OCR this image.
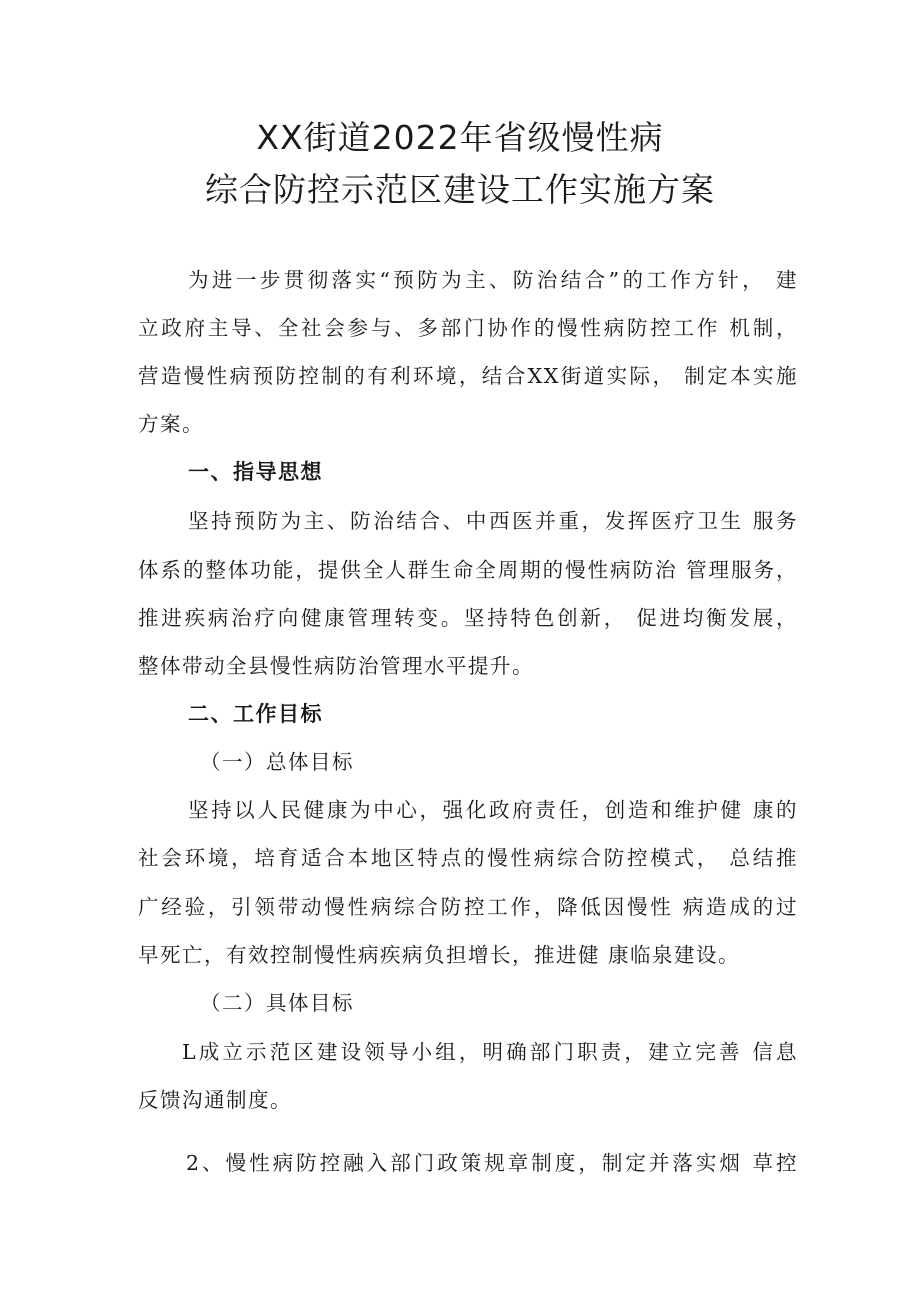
XX街道2022年省级慢性病
综合防控示范区建设工作实施方案
为进一步贯彻落实“预防为主、防治结合”的工作方针， 建
立政府主导、全社会参与、多部门协作的慢性病防控工作 机制，
营造慢性病预防控制的有利环境，结合XX街道实际， 制定本实施
方案。
一、指导思想
坚持预防为主、防治结合、中西医并重，发挥医疗卫生 服务
体系的整体功能，提供全人群生命全周期的慢性病防治 管理服务，
推进疾病治疗向健康管理转变。坚持特色创新， 促进均衡发展，
整体带动全县慢性病防治管理水平提升。
二、工作目标
（一）总体目标
坚持以人民健康为中心，强化政府责任，创造和维护健 康的
社会环境，培育适合本地区特点的慢性病综合防控模式， 总结推
广经验，引领带动慢性病综合防控工作，降低因慢性 病造成的过
早死亡，有效控制慢性病疾病负担增长，推进健 康临泉建设。
（二）具体目标
L成立示范区建设领导小组，明确部门职责，建立完善 信息
反馈沟通制度。
2、慢性病防控融入部门政策规章制度，制定并落实烟 草控
